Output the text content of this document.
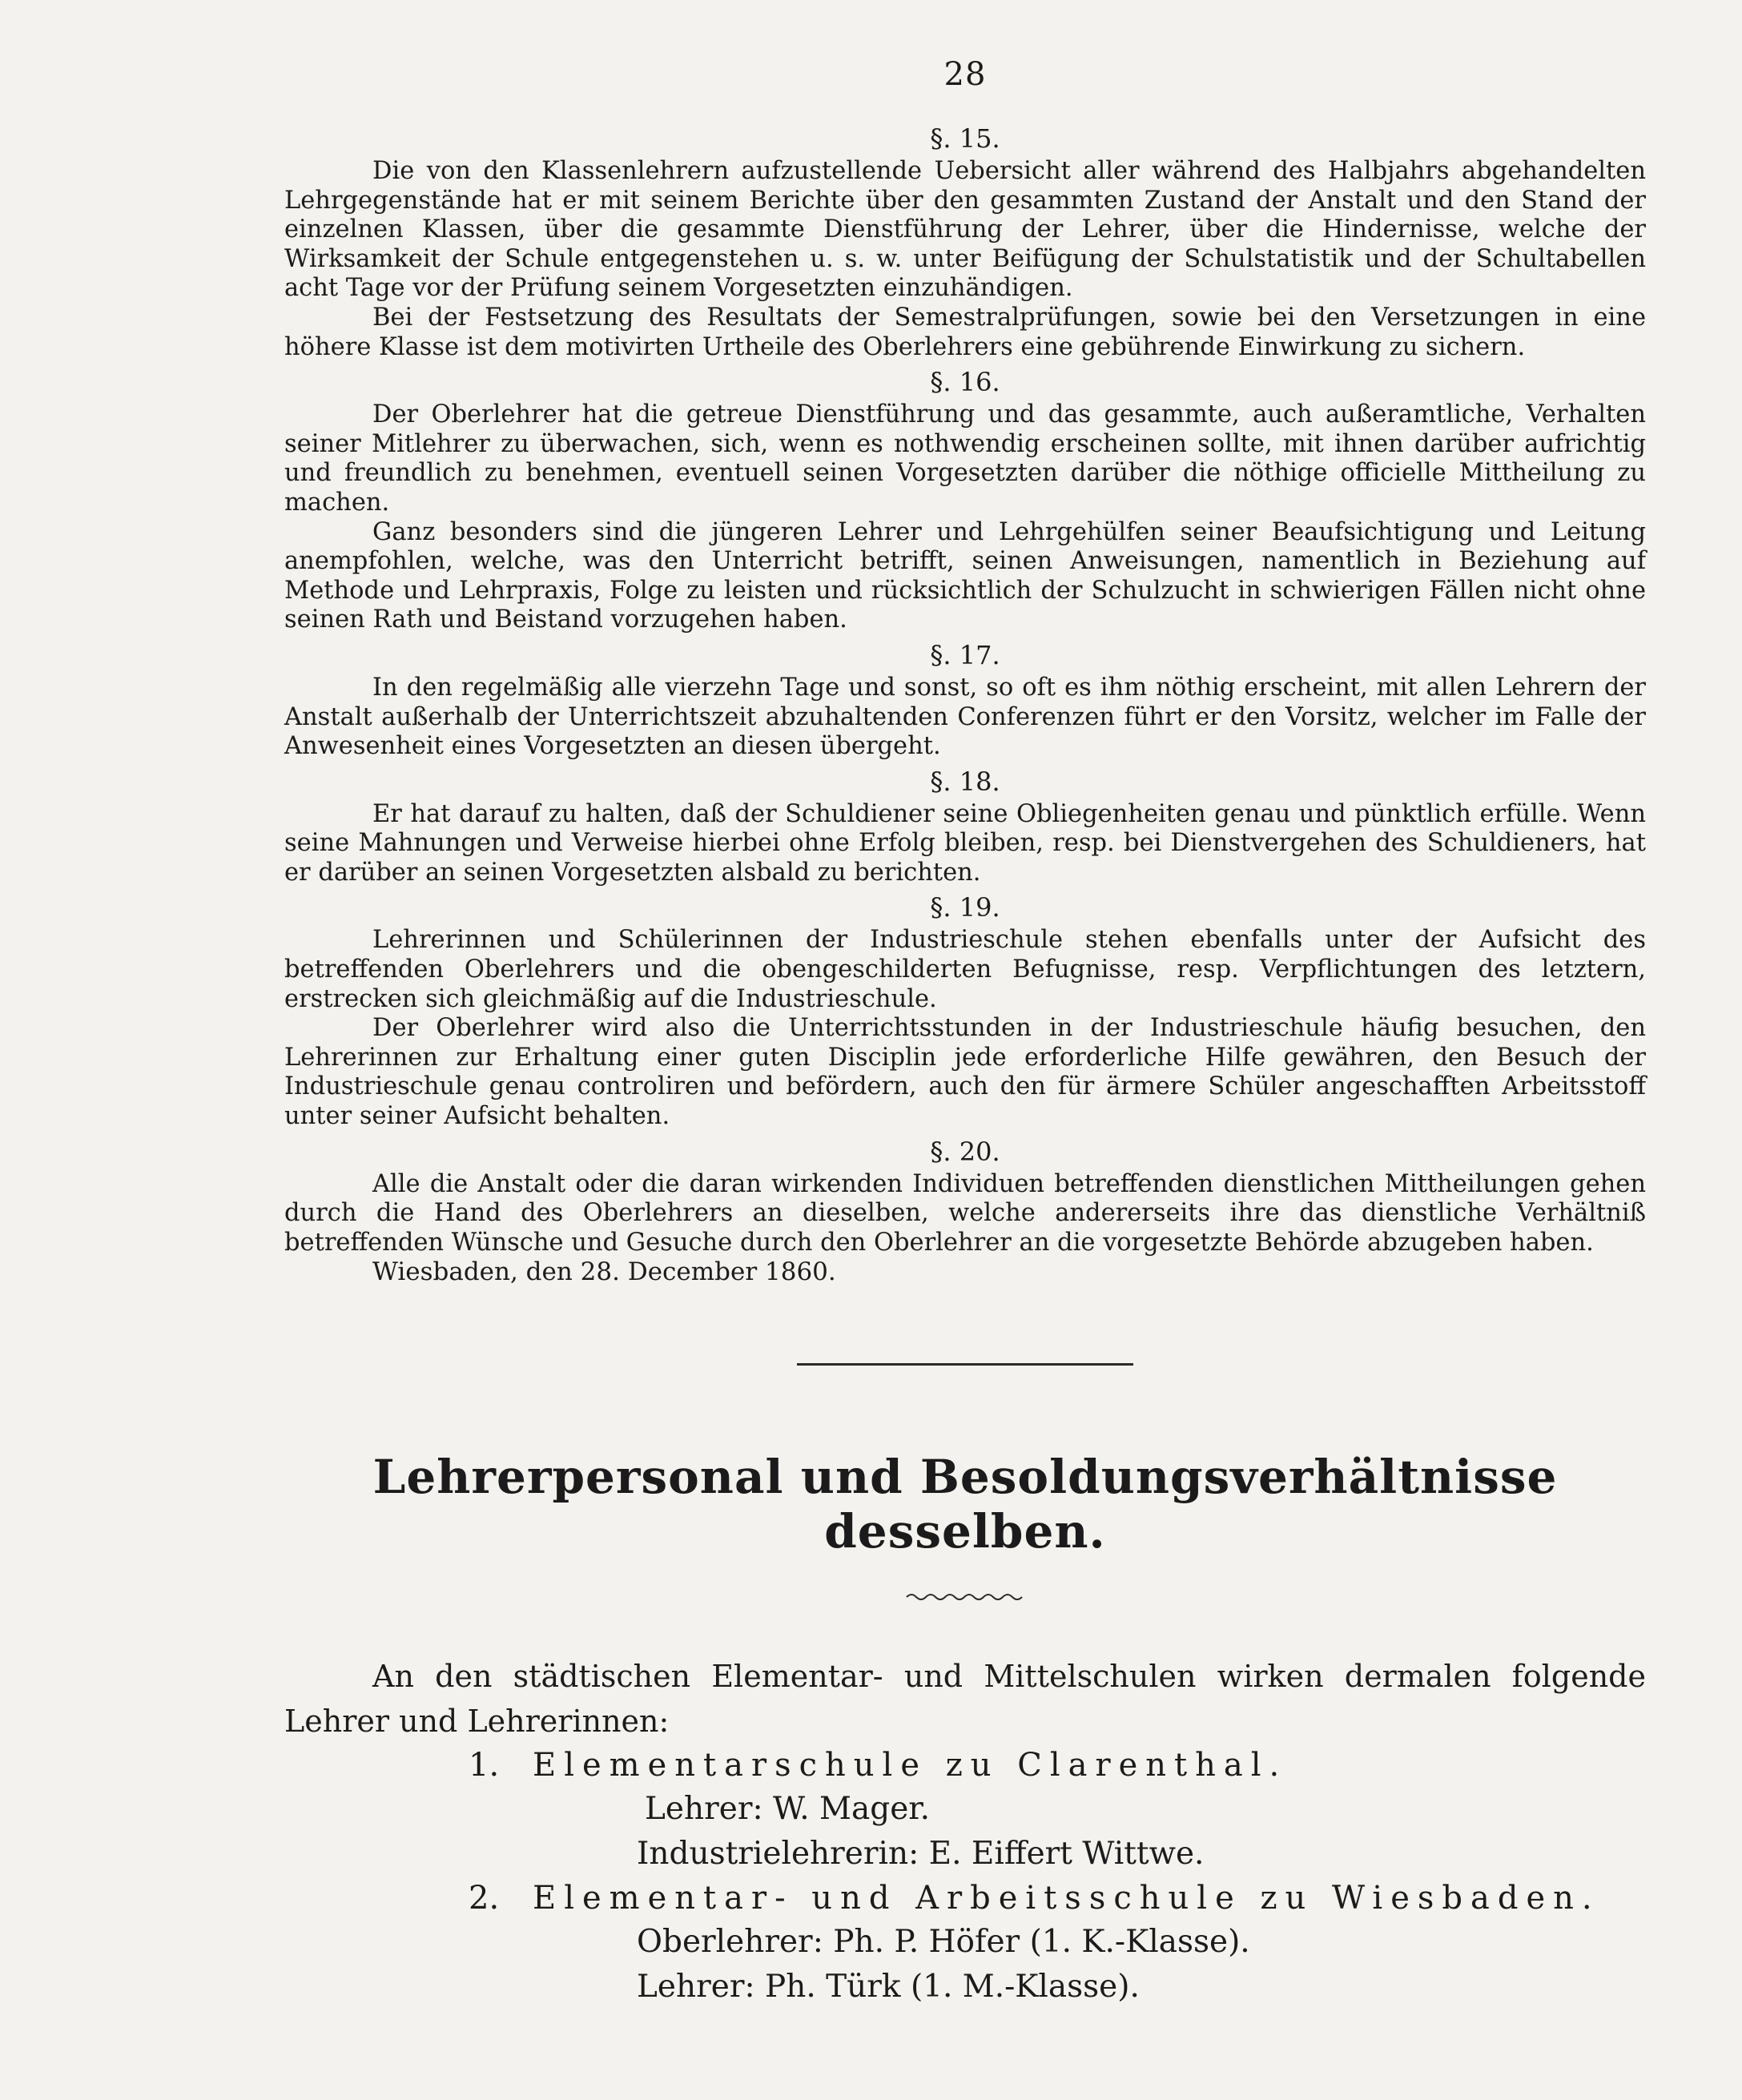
28
§. 15.

Die von den Klassenlehrern aufzustellende Uebersicht aller während des Halbjahrs abgehandelten Lehrgegenstände hat er mit seinem Berichte über den gesammten Zustand der Anstalt und den Stand der einzelnen Klassen, über die gesammte Dienstführung der Lehrer, über die Hindernisse, welche der Wirksamkeit der Schule entgegenstehen u. s. w. unter Beifügung der Schulstatistik und der Schultabellen acht Tage vor der Prüfung seinem Vorgesetzten einzuhändigen.

Bei der Festsetzung des Resultats der Semestralprüfungen, sowie bei den Versetzungen in eine höhere Klasse ist dem motivirten Urtheile des Oberlehrers eine gebührende Einwirkung zu sichern.

§. 16.

Der Oberlehrer hat die getreue Dienstführung und das gesammte, auch außeramtliche, Verhalten seiner Mitlehrer zu überwachen, sich, wenn es nothwendig erscheinen sollte, mit ihnen darüber aufrichtig und freundlich zu benehmen, eventuell seinen Vorgesetzten darüber die nöthige officielle Mittheilung zu machen.

Ganz besonders sind die jüngeren Lehrer und Lehrgehülfen seiner Beaufsichtigung und Leitung anempfohlen, welche, was den Unterricht betrifft, seinen Anweisungen, namentlich in Beziehung auf Methode und Lehrpraxis, Folge zu leisten und rücksichtlich der Schulzucht in schwierigen Fällen nicht ohne seinen Rath und Beistand vorzugehen haben.

§. 17.

In den regelmäßig alle vierzehn Tage und sonst, so oft es ihm nöthig erscheint, mit allen Lehrern der Anstalt außerhalb der Unterrichtszeit abzuhaltenden Conferenzen führt er den Vorsitz, welcher im Falle der Anwesenheit eines Vorgesetzten an diesen übergeht.

§. 18.

Er hat darauf zu halten, daß der Schuldiener seine Obliegenheiten genau und pünktlich erfülle. Wenn seine Mahnungen und Verweise hierbei ohne Erfolg bleiben, resp. bei Dienstvergehen des Schuldieners, hat er darüber an seinen Vorgesetzten alsbald zu berichten.

§. 19.

Lehrerinnen und Schülerinnen der Industrieschule stehen ebenfalls unter der Aufsicht des betreffenden Oberlehrers und die obengeschilderten Befugnisse, resp. Verpflichtungen des letztern, erstrecken sich gleichmäßig auf die Industrieschule.

Der Oberlehrer wird also die Unterrichtsstunden in der Industrieschule häufig besuchen, den Lehrerinnen zur Erhaltung einer guten Disciplin jede erforderliche Hilfe gewähren, den Besuch der Industrieschule genau controliren und befördern, auch den für ärmere Schüler angeschafften Arbeitsstoff unter seiner Aufsicht behalten.

§. 20.

Alle die Anstalt oder die daran wirkenden Individuen betreffenden dienstlichen Mittheilungen gehen durch die Hand des Oberlehrers an dieselben, welche andererseits ihre das dienstliche Verhältniß betreffenden Wünsche und Gesuche durch den Oberlehrer an die vorgesetzte Behörde abzugeben haben.

Wiesbaden, den 28. December 1860.

Lehrerpersonal und Besoldungsverhältnisse desselben.

An den städtischen Elementar- und Mittelschulen wirken dermalen folgende Lehrer und Lehrerinnen:

1. Elementarschule zu Clarenthal.

Lehrer: W. Mager.

Industrielehrerin: E. Eiffert Wittwe.

2. Elementar- und Arbeitsschule zu Wiesbaden.

Oberlehrer: Ph. P. Höfer (1. K.-Klasse).

Lehrer: Ph. Türk (1. M.-Klasse).
